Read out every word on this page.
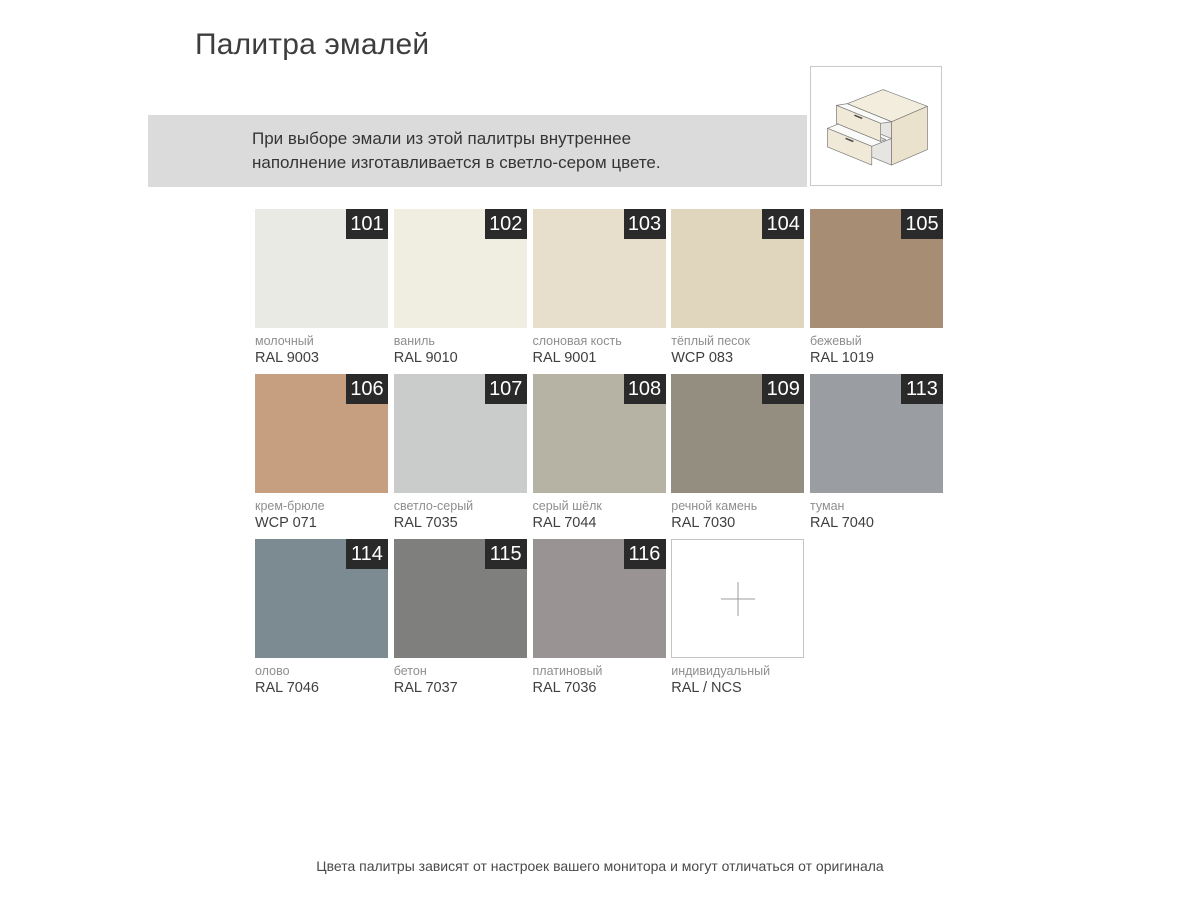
Палитра эмалей
При выборе эмали из этой палитры внутреннее
наполнение изготавливается в светло-сером цвете.
101
молочный
RAL 9003
102
ваниль
RAL 9010
103
слоновая кость
RAL 9001
104
тёплый песок
WCP 083
105
бежевый
RAL 1019
106
крем-брюле
WCP 071
107
светло-серый
RAL 7035
108
серый шёлк
RAL 7044
109
речной камень
RAL 7030
113
туман
RAL 7040
114
олово
RAL 7046
115
бетон
RAL 7037
116
платиновый
RAL 7036
индивидуальный
RAL / NCS
Цвета палитры зависят от настроек вашего монитора и могут отличаться от оригинала
